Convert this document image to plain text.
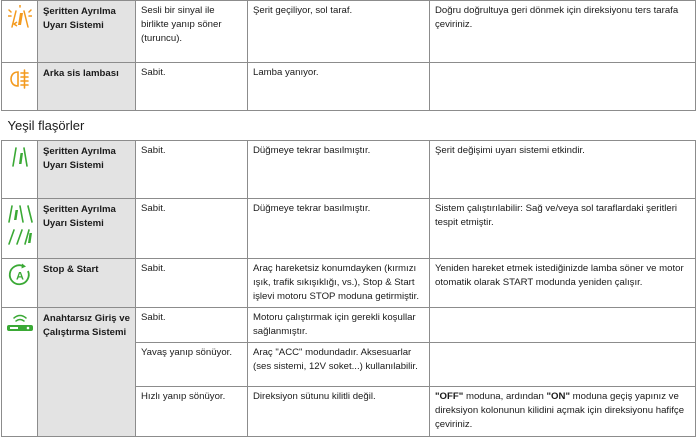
	Şeritten Ayrılma Uyarı Sistemi	Sesli bir sinyal ile birlikte yanıp söner (turuncu).	Şerit geçiliyor, sol taraf.	Doğru doğrultuya geri dönmek için direksiyonu ters tarafa çeviriniz.

	Arka sis lambası	Sabit.	Lamba yanıyor.	
Yeşil flaşörler				

	Şeritten Ayrılma Uyarı Sistemi	Sabit.	Düğmeye tekrar basılmıştır.	Şerit değişimi uyarı sistemi etkindir.

	Şeritten Ayrılma Uyarı Sistemi	Sabit.	Düğmeye tekrar basılmıştır.	Sistem çalıştırılabilir: Sağ ve/veya sol taraflardaki şeritleri tespit etmiştir.

A	Stop & Start	Sabit.	Araç hareketsiz konumdayken (kırmızı ışık, trafik sıkışıklığı, vs.), Stop & Start işlevi motoru STOP moduna getirmiştir.	Yeniden hareket etmek istediğinizde lamba söner ve motor otomatik olarak START modunda yeniden çalışır.

	Anahtarsız Giriş ve Çalıştırma Sistemi	Sabit.	Motoru çalıştırmak için gerekli koşullar sağlanmıştır.	
		Yavaş yanıp sönüyor.	Araç "ACC" modundadır. Aksesuarlar (ses sistemi, 12V soket...) kullanılabilir.	
		Hızlı yanıp sönüyor.	Direksiyon sütunu kilitli değil.	"OFF" moduna, ardından "ON" moduna geçiş yapınız ve direksiyon kolonunun kilidini açmak için direksiyonu hafifçe çeviriniz.
